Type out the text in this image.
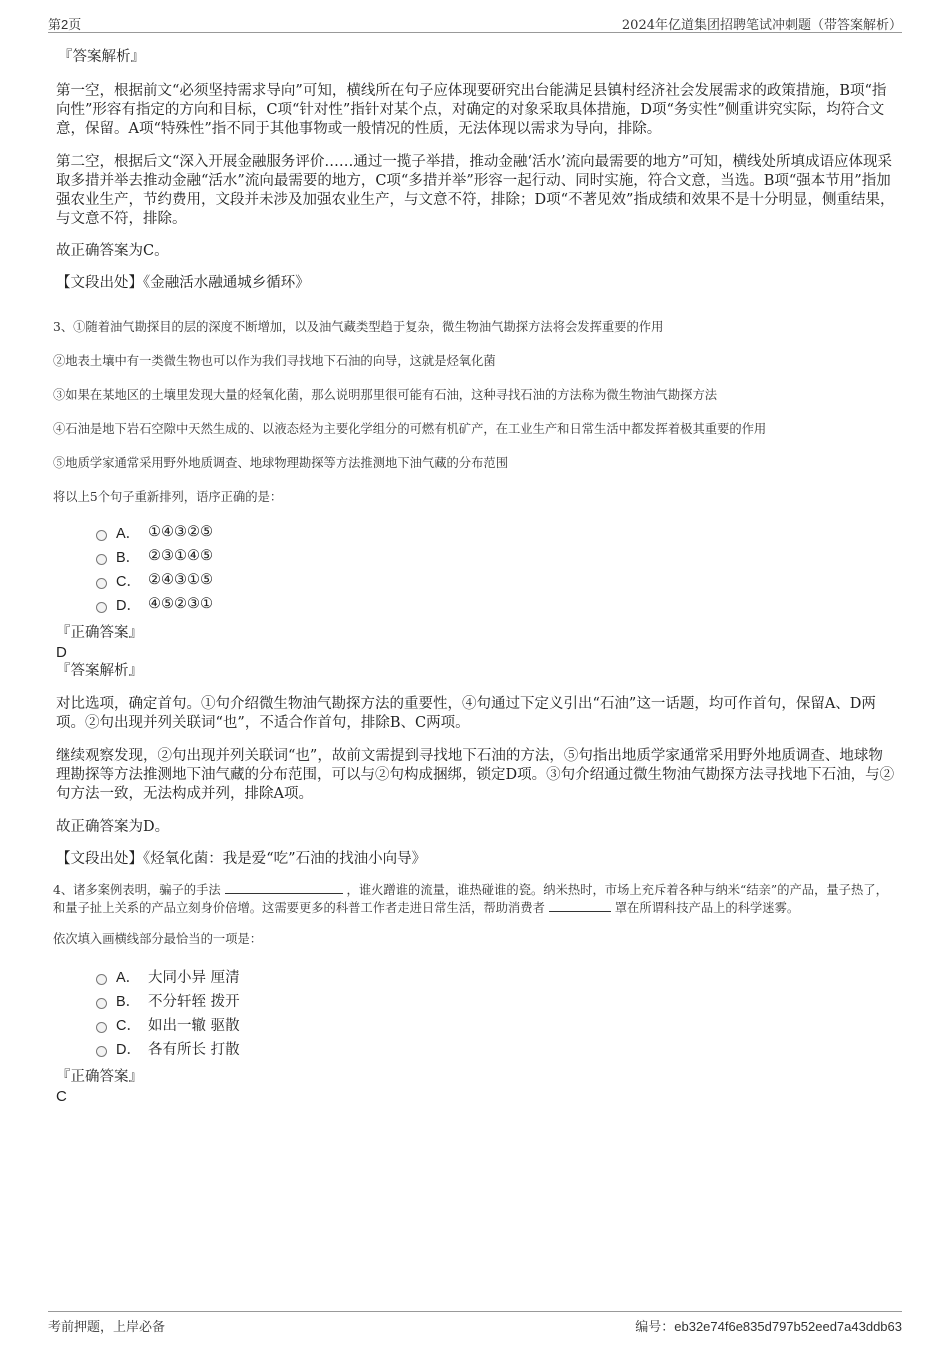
第2页	2024年亿道集团招聘笔试冲刺题（带答案解析）

『答案解析』

第一空，根据前文“必须坚持需求导向”可知，横线所在句子应体现要研究出台能满足县镇村经济社会发展需求的政策措施，B项“指向性”形容有指定的方向和目标，C项“针对性”指针对某个点，对确定的对象采取具体措施，D项“务实性”侧重讲究实际，均符合文意，保留。A项“特殊性”指不同于其他事物或一般情况的性质，无法体现以需求为导向，排除。

第二空，根据后文“深入开展金融服务评价……通过一揽子举措，推动金融‘活水’流向最需要的地方”可知，横线处所填成语应体现采取多措并举去推动金融“活水”流向最需要的地方，C项“多措并举”形容一起行动、同时实施，符合文意，当选。B项“强本节用”指加强农业生产，节约费用，文段并未涉及加强农业生产，与文意不符，排除；D项“不著见效”指成绩和效果不是十分明显，侧重结果，与文意不符，排除。

故正确答案为C。

【文段出处】《金融活水融通城乡循环》

3、①随着油气勘探目的层的深度不断增加，以及油气藏类型趋于复杂，微生物油气勘探方法将会发挥重要的作用

②地表土壤中有一类微生物也可以作为我们寻找地下石油的向导，这就是烃氧化菌

③如果在某地区的土壤里发现大量的烃氧化菌，那么说明那里很可能有石油，这种寻找石油的方法称为微生物油气勘探方法

④石油是地下岩石空隙中天然生成的、以液态烃为主要化学组分的可燃有机矿产，在工业生产和日常生活中都发挥着极其重要的作用

⑤地质学家通常采用野外地质调查、地球物理勘探等方法推测地下油气藏的分布范围

将以上5个句子重新排列，语序正确的是：

A． ①④③②⑤
B． ②③①④⑤
C． ②④③①⑤
D． ④⑤②③①

『正确答案』

D

『答案解析』

对比选项，确定首句。①句介绍微生物油气勘探方法的重要性，④句通过下定义引出“石油”这一话题，均可作首句，保留A、D两项。②句出现并列关联词“也”，不适合作首句，排除B、C两项。

继续观察发现，②句出现并列关联词“也”，故前文需提到寻找地下石油的方法，⑤句指出地质学家通常采用野外地质调查、地球物理勘探等方法推测地下油气藏的分布范围，可以与②句构成捆绑，锁定D项。③句介绍通过微生物油气勘探方法寻找地下石油，与②句方法一致，无法构成并列，排除A项。

故正确答案为D。

【文段出处】《烃氧化菌：我是爱“吃”石油的找油小向导》

4、诸多案例表明，骗子的手法	，谁火蹭谁的流量，谁热碰谁的瓷。纳米热时，市场上充斥着各种与纳米“结亲”的产品，量子热了，和量子扯上关系的产品立刻身价倍增。这需要更多的科普工作者走进日常生活，帮助消费者	罩在所谓科技产品上的科学迷雾。

依次填入画横线部分最恰当的一项是：

A． 大同小异 厘清
B． 不分轩轾 拨开
C． 如出一辙 驱散
D． 各有所长 打散

『正确答案』

C

考前押题，上岸必备	编号：eb32e74f6e835d797b52eed7a43ddb63
